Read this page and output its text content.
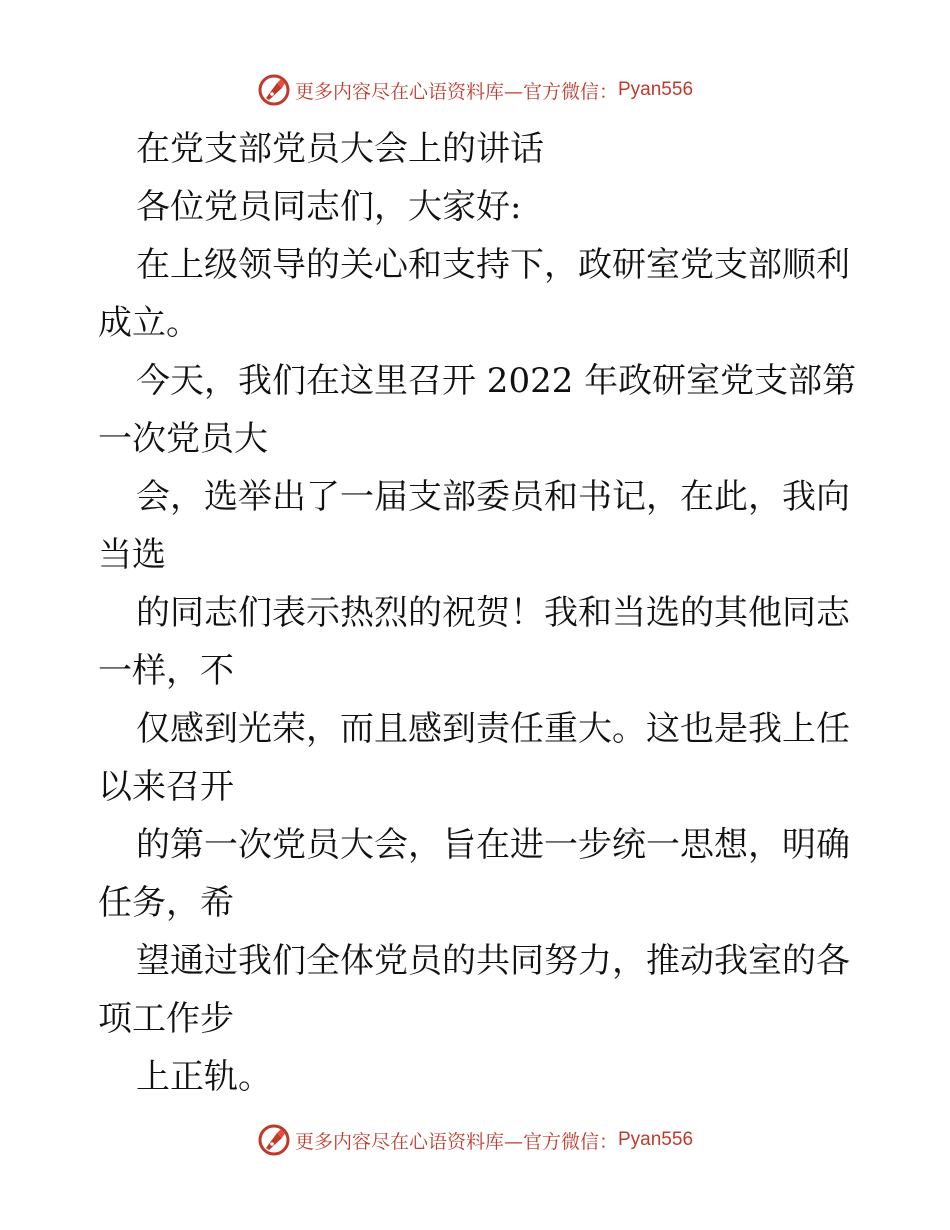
更多内容尽在心语资料库—官方微信： Pyan556
在党支部党员大会上的讲话
各位党员同志们，大家好:
在上级领导的关心和支持下，政研室党支部顺利
成立。
今天，我们在这里召开 2022 年政研室党支部第
一次党员大
会，选举出了一届支部委员和书记，在此，我向
当选
的同志们表示热烈的祝贺！我和当选的其他同志
一样，不
仅感到光荣，而且感到责任重大。这也是我上任
以来召开
的第一次党员大会，旨在进一步统一思想，明确
任务，希
望通过我们全体党员的共同努力，推动我室的各
项工作步
上正轨。
更多内容尽在心语资料库—官方微信： Pyan556
